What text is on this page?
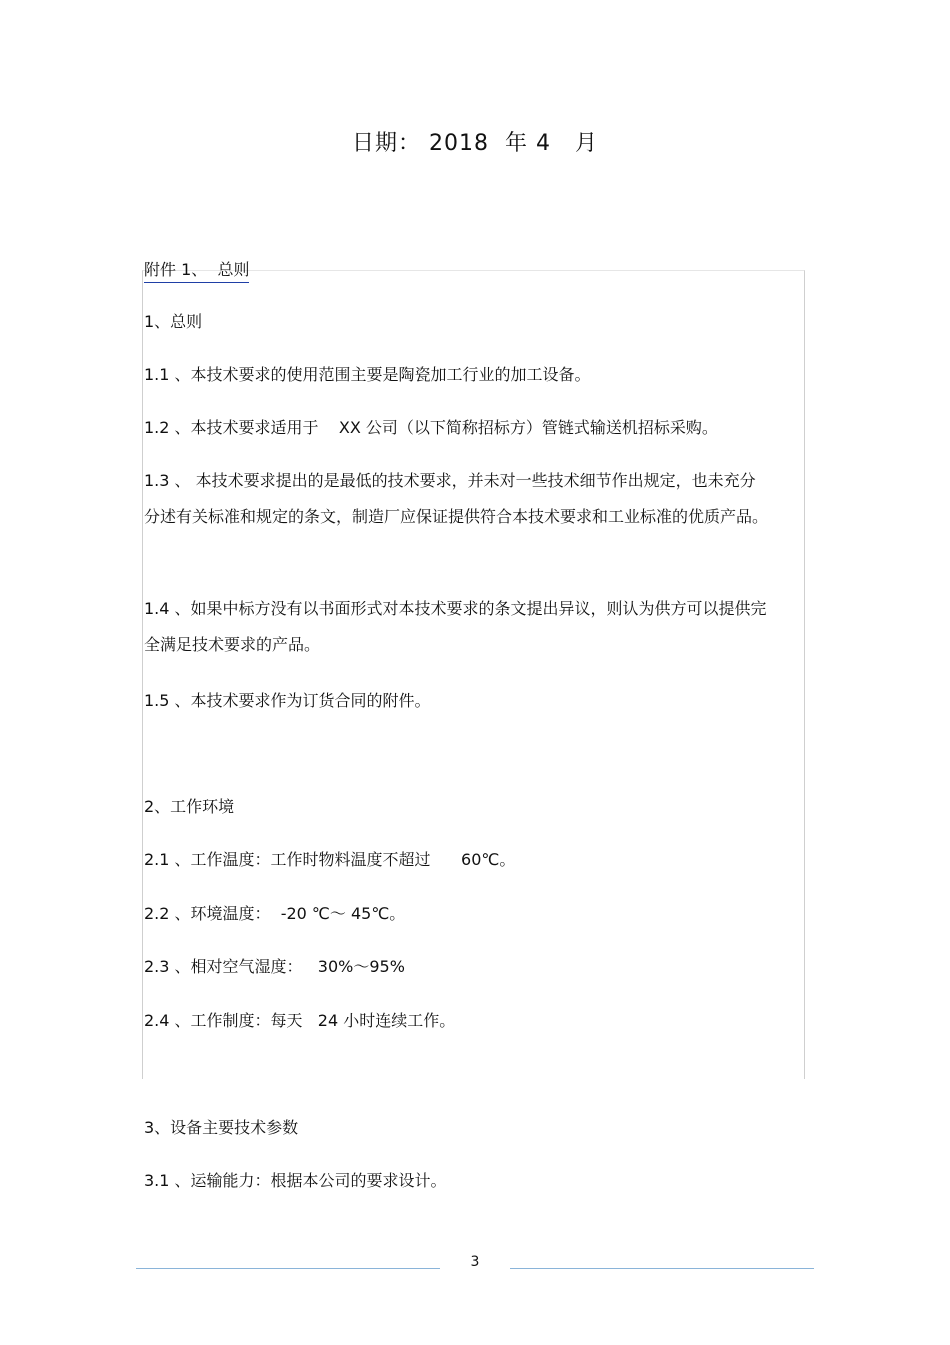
日期： 2018 年 4 月
附件 1、  总则
1、总则
1.1 、本技术要求的使用范围主要是陶瓷加工行业的加工设备。
1.2 、本技术要求适用于    XX 公司（以下简称招标方）管链式输送机招标采购。
1.3 、 本技术要求提出的是最低的技术要求，并未对一些技术细节作出规定，也未充分分述有关标准和规定的条文，制造厂应保证提供符合本技术要求和工业标准的优质产品。
1.4 、如果中标方没有以书面形式对本技术要求的条文提出异议，则认为供方可以提供完全满足技术要求的产品。
1.5 、本技术要求作为订货合同的附件。
2、工作环境
2.1 、工作温度：工作时物料温度不超过      60℃。
2.2 、环境温度：  -20 ℃～ 45℃。
2.3 、相对空气湿度：   30%～95%
2.4 、工作制度：每天   24 小时连续工作。
3、设备主要技术参数
3.1 、运输能力：根据本公司的要求设计。
3
